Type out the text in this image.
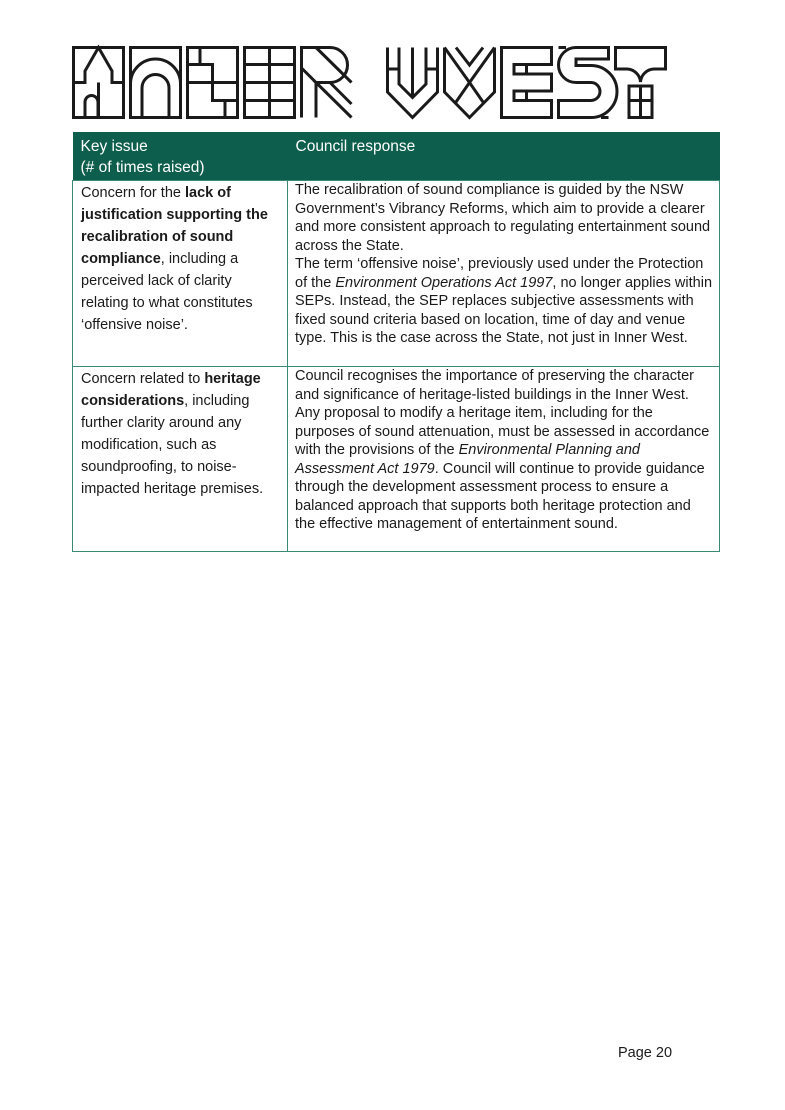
Key issue
(# of times raised)	Council response
Concern for the lack of justification supporting the recalibration of sound compliance, including a perceived lack of clarity relating to what constitutes ‘offensive noise’.	The recalibration of sound compliance is guided by the NSW Government’s Vibrancy Reforms, which aim to provide a clearer and more consistent approach to regulating entertainment sound across the State.
The term ‘offensive noise’, previously used under the Protection of the Environment Operations Act 1997, no longer applies within SEPs. Instead, the SEP replaces subjective assessments with fixed sound criteria based on location, time of day and venue type. This is the case across the State, not just in Inner West.
Concern related to heritage considerations, including further clarity around any modification, such as soundproofing, to noise-impacted heritage premises.	Council recognises the importance of preserving the character and significance of heritage-listed buildings in the Inner West. Any proposal to modify a heritage item, including for the purposes of sound attenuation, must be assessed in accordance with the provisions of the Environmental Planning and Assessment Act 1979. Council will continue to provide guidance through the development assessment process to ensure a balanced approach that supports both heritage protection and the effective management of entertainment sound.
Page 20
